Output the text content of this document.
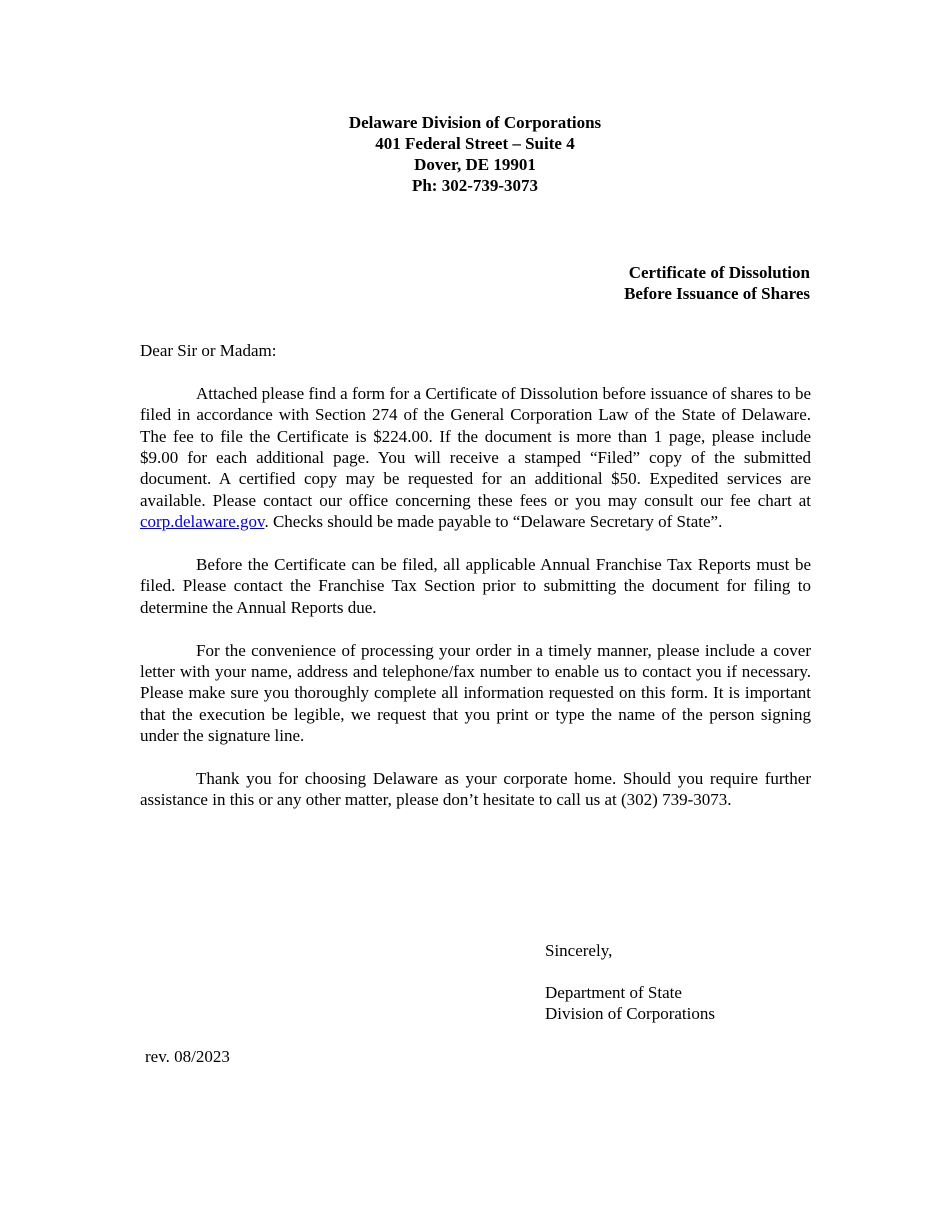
Delaware Division of Corporations
401 Federal Street – Suite 4
Dover, DE 19901
Ph: 302-739-3073
Certificate of Dissolution
Before Issuance of Shares

Dear Sir or Madam:

Attached please find a form for a Certificate of Dissolution before issuance of shares to be filed in accordance with Section 274 of the General Corporation Law of the State of Delaware. The fee to file the Certificate is $224.00. If the document is more than 1 page, please include $9.00 for each additional page. You will receive a stamped “Filed” copy of the submitted document. A certified copy may be requested for an additional $50. Expedited services are available. Please contact our office concerning these fees or you may consult our fee chart at corp.delaware.gov. Checks should be made payable to “Delaware Secretary of State”.

Before the Certificate can be filed, all applicable Annual Franchise Tax Reports must be filed. Please contact the Franchise Tax Section prior to submitting the document for filing to determine the Annual Reports due.

For the convenience of processing your order in a timely manner, please include a cover letter with your name, address and telephone/fax number to enable us to contact you if necessary. Please make sure you thoroughly complete all information requested on this form. It is important that the execution be legible, we request that you print or type the name of the person signing under the signature line.

Thank you for choosing Delaware as your corporate home. Should you require further assistance in this or any other matter, please don’t hesitate to call us at (302) 739-3073.

Sincerely,
Department of State
Division of Corporations
rev. 08/2023
